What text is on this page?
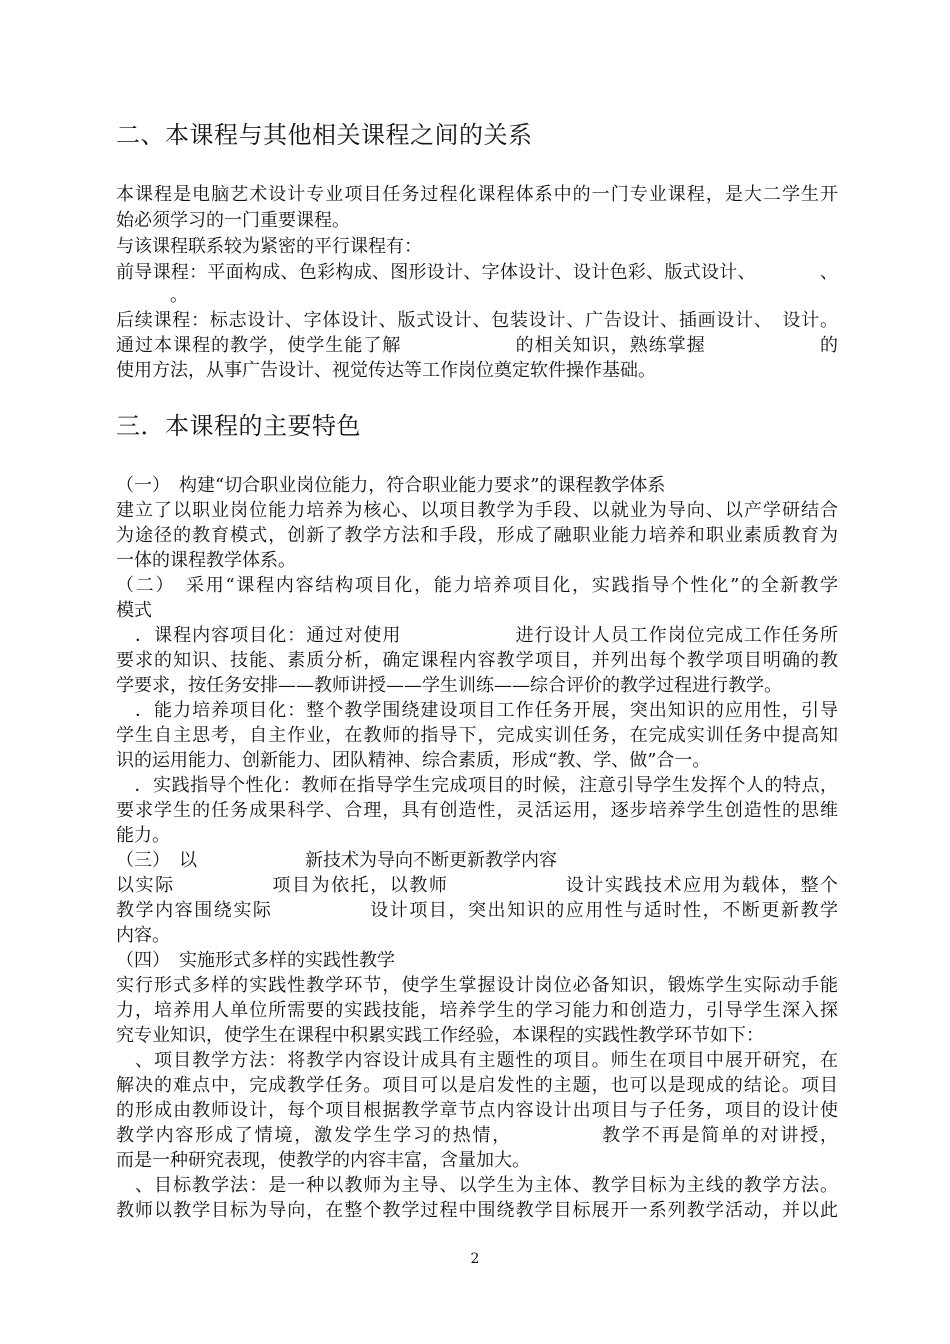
二、本课程与其他相关课程之间的关系
本课程是电脑艺术设计专业项目任务过程化课程体系中的一门专业课程，是大二学生开
始必须学习的一门重要课程。
与该课程联系较为紧密的平行课程有：
前导课程：平面构成、色彩构成、图形设计、字体设计、设计色彩、版式设计、　　　　、
　　　。
后续课程：标志设计、字体设计、版式设计、包装设计、广告设计、插画设计、　设计。
通过本课程的教学，使学生能了解　　　　　　的相关知识，熟练掌握　　　　　　的
使用方法，从事广告设计、视觉传达等工作岗位奠定软件操作基础。
三．本课程的主要特色
（一）　构建“切合职业岗位能力，符合职业能力要求”的课程教学体系
建立了以职业岗位能力培养为核心、以项目教学为手段、以就业为导向、以产学研结合
为途径的教育模式，创新了教学方法和手段，形成了融职业能力培养和职业素质教育为
一体的课程教学体系。
（二）　采用“课程内容结构项目化，能力培养项目化，实践指导个性化”的全新教学
模式
　．课程内容项目化：通过对使用　　　　　　进行设计人员工作岗位完成工作任务所
要求的知识、技能、素质分析，确定课程内容教学项目，并列出每个教学项目明确的教
学要求，按任务安排——教师讲授——学生训练——综合评价的教学过程进行教学。
　．能力培养项目化：整个教学围绕建设项目工作任务开展，突出知识的应用性，引导
学生自主思考，自主作业，在教师的指导下，完成实训任务，在完成实训任务中提高知
识的运用能力、创新能力、团队精神、综合素质，形成“教、学、做”合一。
　．实践指导个性化：教师在指导学生完成项目的时候，注意引导学生发挥个人的特点，
要求学生的任务成果科学、合理，具有创造性，灵活运用，逐步培养学生创造性的思维
能力。
（三）　以　　　　　　新技术为导向不断更新教学内容
以实际　　　　　项目为依托，以教师　　　　　　设计实践技术应用为载体，整个
教学内容围绕实际　　　　　设计项目，突出知识的应用性与适时性，不断更新教学
内容。
（四）　实施形式多样的实践性教学
实行形式多样的实践性教学环节，使学生掌握设计岗位必备知识，锻炼学生实际动手能
力，培养用人单位所需要的实践技能，培养学生的学习能力和创造力，引导学生深入探
究专业知识，使学生在课程中积累实践工作经验，本课程的实践性教学环节如下：
　、项目教学方法：将教学内容设计成具有主题性的项目。师生在项目中展开研究，在
解决的难点中，完成教学任务。项目可以是启发性的主题，也可以是现成的结论。项目
的形成由教师设计，每个项目根据教学章节点内容设计出项目与子任务，项目的设计使
教学内容形成了情境，激发学生学习的热情，　　　　　教学不再是简单的对讲授，
而是一种研究表现，使教学的内容丰富，含量加大。
　、目标教学法：是一种以教师为主导、以学生为主体、教学目标为主线的教学方法。
教师以教学目标为导向，在整个教学过程中围绕教学目标展开一系列教学活动，并以此
2
